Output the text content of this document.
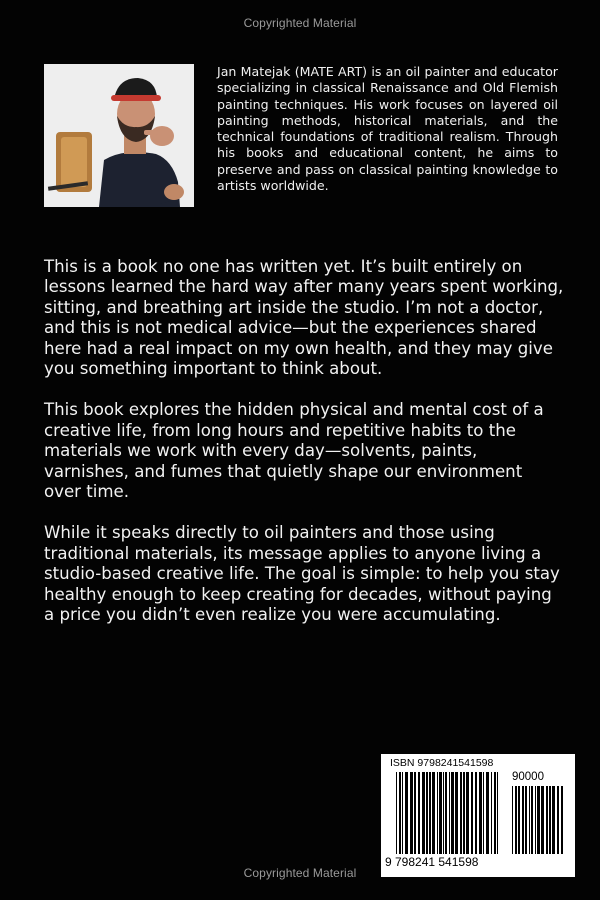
Copyrighted Material
Jan Matejak (MATE ART) is an oil painter and educator specializing in classical Renaissance and Old Flemish painting techniques. His work focuses on layered oil painting methods, historical materials, and the technical foundations of traditional realism. Through his books and educational content, he aims to preserve and pass on classical painting knowledge to artists worldwide.

This is a book no one has written yet. It’s built entirely on lessons learned the hard way after many years spent working, sitting, and breathing art inside the studio. I’m not a doctor, and this is not medical advice—but the experiences shared here had a real impact on my own health, and they may give you something important to think about.

This book explores the hidden physical and mental cost of a creative life, from long hours and repetitive habits to the materials we work with every day—solvents, paints, varnishes, and fumes that quietly shape our environment over time.

While it speaks directly to oil painters and those using traditional materials, its message applies to anyone living a studio-based creative life. The goal is simple: to help you stay healthy enough to keep creating for decades, without paying a price you didn’t even realize you were accumulating.

ISBN 9798241541598
90000
9 798241 541598
Copyrighted Material
